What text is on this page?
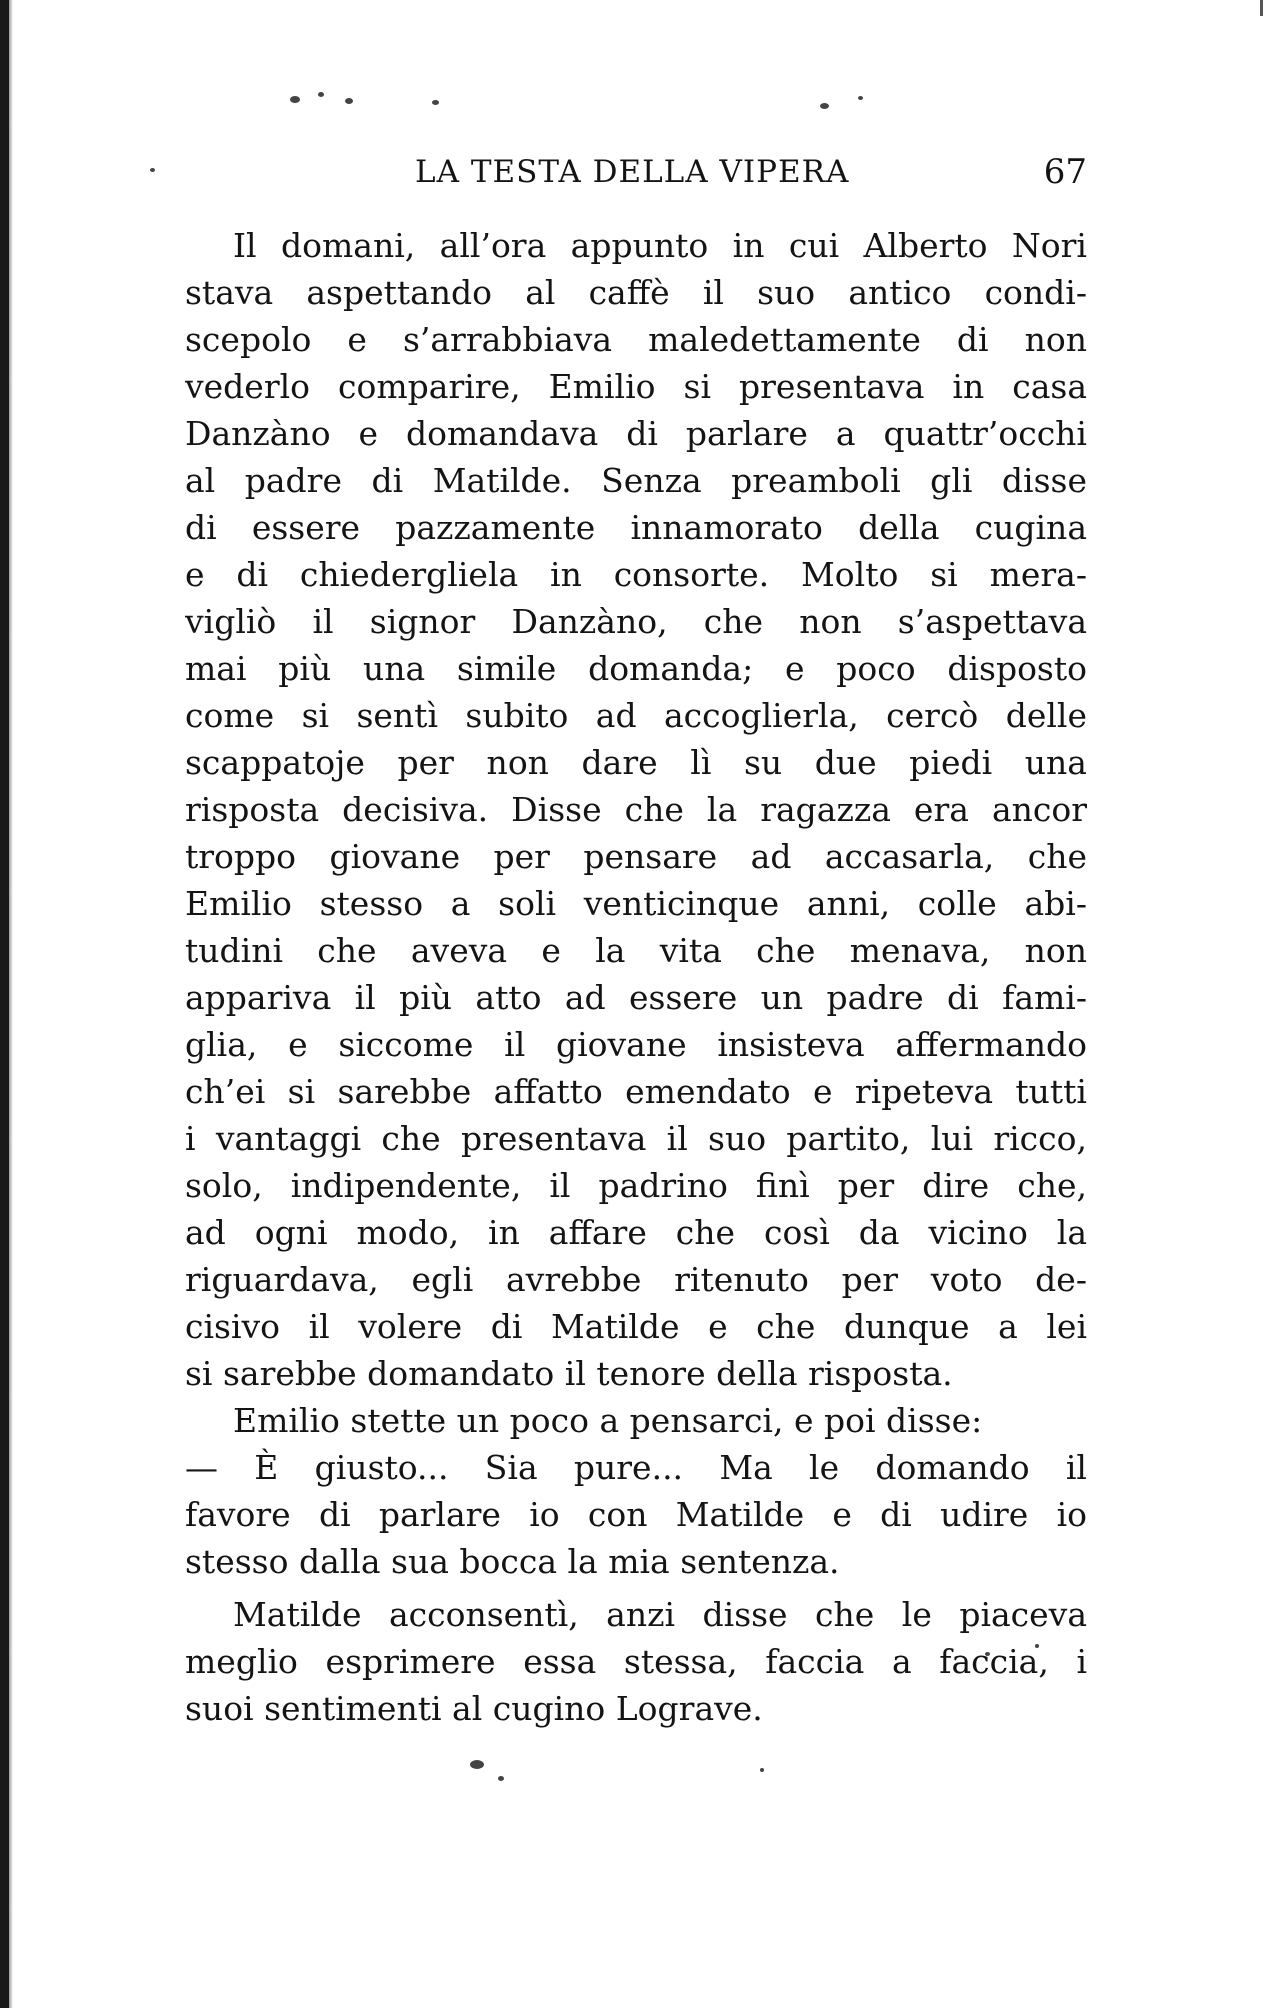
LA TESTA DELLA VIPERA	67
Il domani, all’ora appunto in cui Alberto Nori
stava aspettando al caffè il suo antico condi-
scepolo e s’arrabbiava maledettamente di non
vederlo comparire, Emilio si presentava in casa
Danzàno e domandava di parlare a quattr’occhi
al padre di Matilde. Senza preamboli gli disse
di essere pazzamente innamorato della cugina
e di chiedergliela in consorte. Molto si mera-
vigliò il signor Danzàno, che non s’aspettava
mai più una simile domanda; e poco disposto
come si sentì subito ad accoglierla, cercò delle
scappatoje per non dare lì su due piedi una
risposta decisiva. Disse che la ragazza era ancor
troppo giovane per pensare ad accasarla, che
Emilio stesso a soli venticinque anni, colle abi-
tudini che aveva e la vita che menava, non
appariva il più atto ad essere un padre di fami-
glia, e siccome il giovane insisteva affermando
ch’ei si sarebbe affatto emendato e ripeteva tutti
i vantaggi che presentava il suo partito, lui ricco,
solo, indipendente, il padrino finì per dire che,
ad ogni modo, in affare che così da vicino la
riguardava, egli avrebbe ritenuto per voto de-
cisivo il volere di Matilde e che dunque a lei
si sarebbe domandato il tenore della risposta.
Emilio stette un poco a pensarci, e poi disse:
— È giusto... Sia pure... Ma le domando il
favore di parlare io con Matilde e di udire io
stesso dalla sua bocca la mia sentenza.
Matilde acconsentì, anzi disse che le piaceva
meglio esprimere essa stessa, faccia a faccia, i
suoi sentimenti al cugino Lograve.
